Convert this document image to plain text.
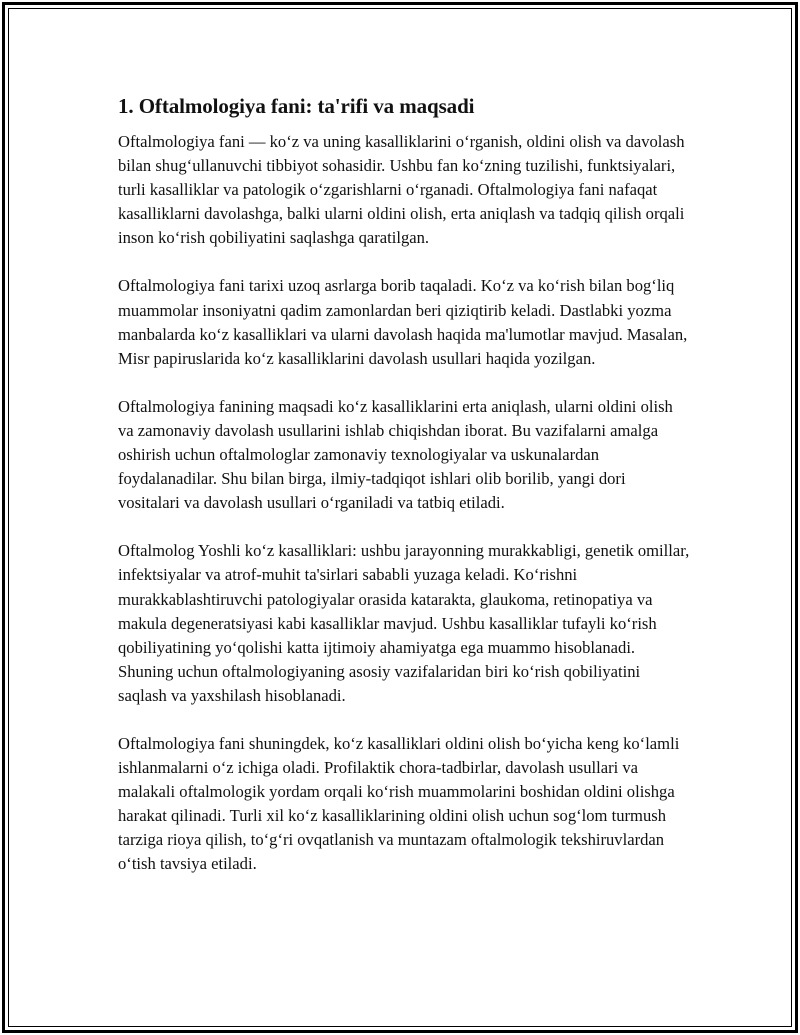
1. Oftalmologiya fani: ta'rifi va maqsadi

Oftalmologiya fani — koʻz va uning kasalliklarini oʻrganish, oldini olish va davolash bilan shugʻullanuvchi tibbiyot sohasidir. Ushbu fan koʻzning tuzilishi, funktsiyalari, turli kasalliklar va patologik oʻzgarishlarni oʻrganadi. Oftalmologiya fani nafaqat kasalliklarni davolashga, balki ularni oldini olish, erta aniqlash va tadqiq qilish orqali inson koʻrish qobiliyatini saqlashga qaratilgan.

Oftalmologiya fani tarixi uzoq asrlarga borib taqaladi. Koʻz va koʻrish bilan bogʻliq muammolar insoniyatni qadim zamonlardan beri qiziqtirib keladi. Dastlabki yozma manbalarda koʻz kasalliklari va ularni davolash haqida ma'lumotlar mavjud. Masalan, Misr papiruslarida koʻz kasalliklarini davolash usullari haqida yozilgan.

Oftalmologiya fanining maqsadi koʻz kasalliklarini erta aniqlash, ularni oldini olish va zamonaviy davolash usullarini ishlab chiqishdan iborat. Bu vazifalarni amalga oshirish uchun oftalmologlar zamonaviy texnologiyalar va uskunalardan foydalanadilar. Shu bilan birga, ilmiy-tadqiqot ishlari olib borilib, yangi dori vositalari va davolash usullari oʻrganiladi va tatbiq etiladi.

Oftalmolog Yoshli koʻz kasalliklari: ushbu jarayonning murakkabligi, genetik omillar, infektsiyalar va atrof-muhit ta'sirlari sababli yuzaga keladi. Koʻrishni murakkablashtiruvchi patologiyalar orasida katarakta, glaukoma, retinopatiya va makula degeneratsiyasi kabi kasalliklar mavjud. Ushbu kasalliklar tufayli koʻrish qobiliyatining yoʻqolishi katta ijtimoiy ahamiyatga ega muammo hisoblanadi. Shuning uchun oftalmologiyaning asosiy vazifalaridan biri koʻrish qobiliyatini saqlash va yaxshilash hisoblanadi.

Oftalmologiya fani shuningdek, koʻz kasalliklari oldini olish boʻyicha keng koʻlamli ishlanmalarni oʻz ichiga oladi. Profilaktik chora-tadbirlar, davolash usullari va malakali oftalmologik yordam orqali koʻrish muammolarini boshidan oldini olishga harakat qilinadi. Turli xil koʻz kasalliklarining oldini olish uchun sogʻlom turmush tarziga rioya qilish, toʻgʻri ovqatlanish va muntazam oftalmologik tekshiruvlardan oʻtish tavsiya etiladi.
